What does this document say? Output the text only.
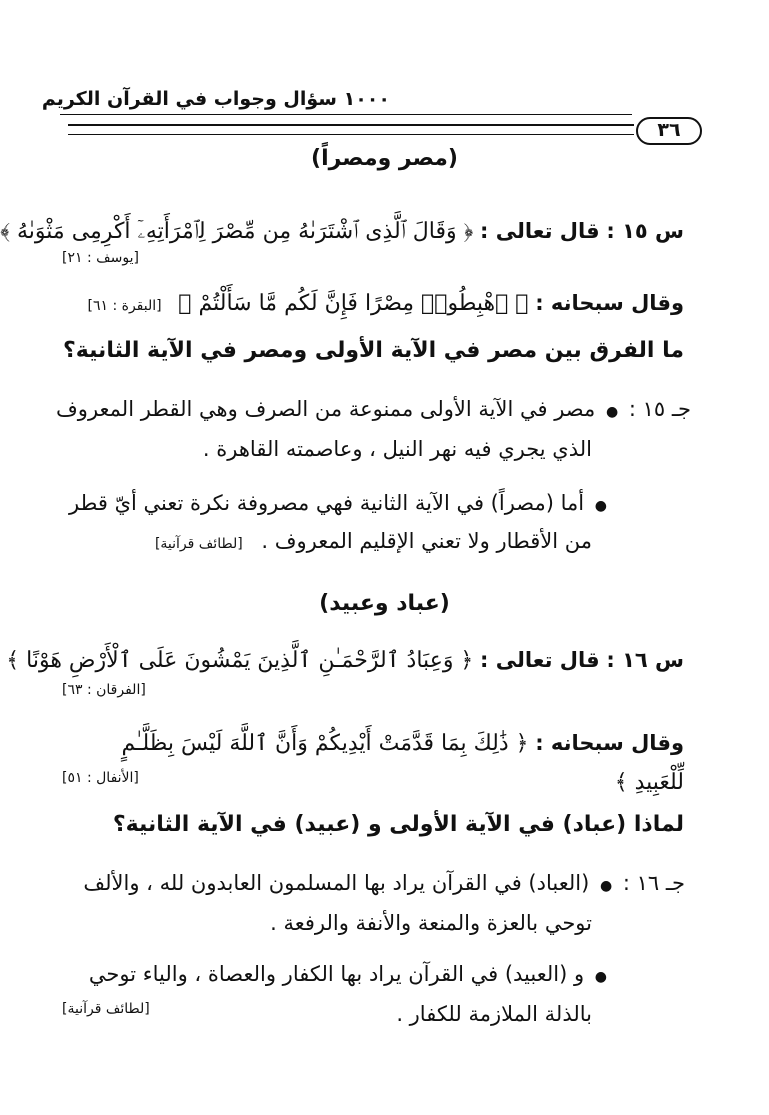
١٠٠٠ سؤال وجواب في القرآن الكريم
٣٦
(مصر ومصراً)
س ١٥ : قال تعالى : ﴿ وَقَالَ ٱلَّذِى ٱشْتَرَىٰهُ مِن مِّصْرَ لِٱمْرَأَتِهِۦٓ أَكْرِمِى مَثْوَىٰهُ ﴾
[يوسف : ٢١]
وقال سبحانه : ﴿ ٱهْبِطُوا۟ مِصْرًا فَإِنَّ لَكُم مَّا سَأَلْتُمْ ﴾ [البقرة : ٦١]
ما الفرق بين مصر في الآية الأولى ومصر في الآية الثانية؟
جـ ١٥ : ● مصر في الآية الأولى ممنوعة من الصرف وهي القطر المعروف
الذي يجري فيه نهر النيل ، وعاصمته القاهرة .
● أما (مصراً) في الآية الثانية فهي مصروفة نكرة تعني أيّ قطر
من الأقطار ولا تعني الإقليم المعروف . [لطائف قرآنية]
(عباد وعبيد)
س ١٦ : قال تعالى : ﴿ وَعِبَادُ ٱلرَّحْمَـٰنِ ٱلَّذِينَ يَمْشُونَ عَلَى ٱلْأَرْضِ هَوْنًا ﴾
[الفرقان : ٦٣]
وقال سبحانه : ﴿ ذَٰلِكَ بِمَا قَدَّمَتْ أَيْدِيكُمْ وَأَنَّ ٱللَّهَ لَيْسَ بِظَلَّـٰمٍ
[الأنفال : ٥١]	لِّلْعَبِيدِ ﴾
لماذا (عباد) في الآية الأولى و (عبيد) في الآية الثانية؟
جـ ١٦ : ● (العباد) في القرآن يراد بها المسلمون العابدون لله ، والألف
توحي بالعزة والمنعة والأنفة والرفعة .
● و (العبيد) في القرآن يراد بها الكفار والعصاة ، والياء توحي
بالذلة الملازمة للكفار .
[لطائف قرآنية]
